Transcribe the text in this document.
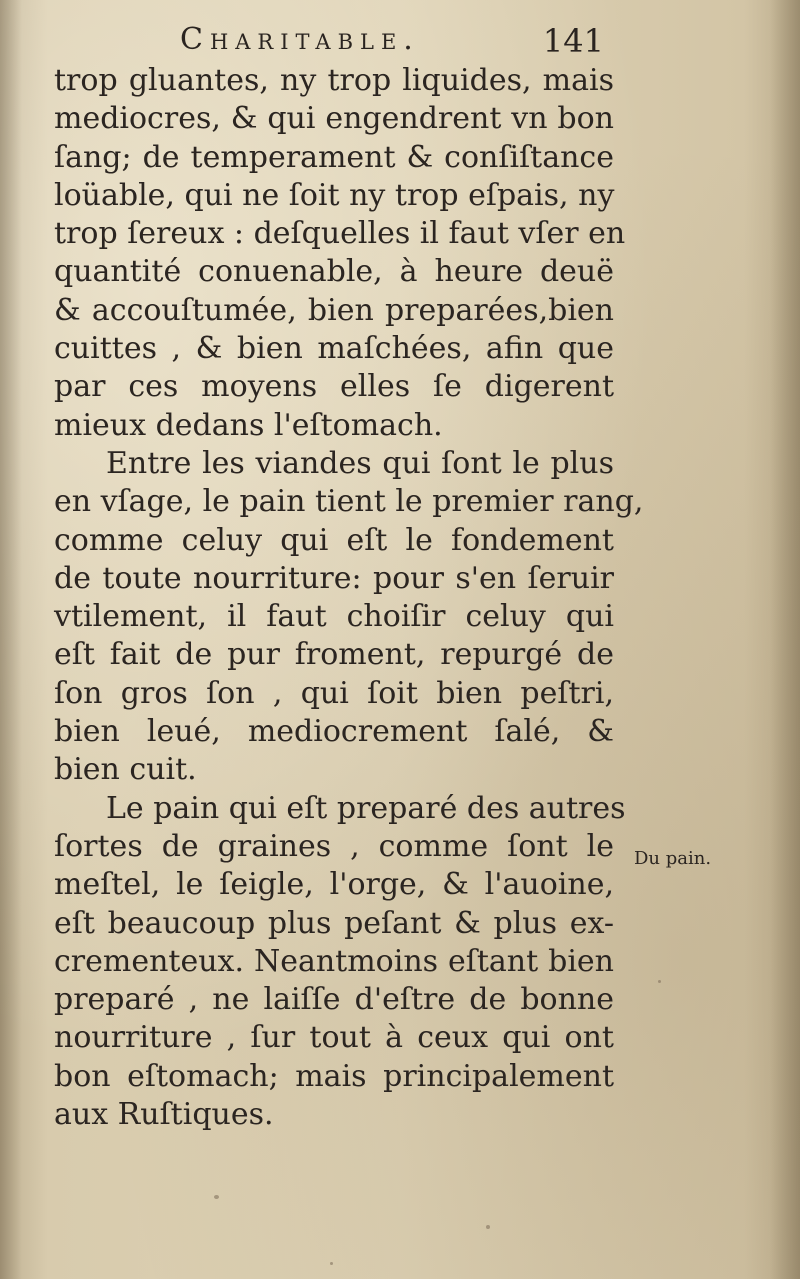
Charitable.	141
trop gluantes, ny trop liquides, mais
mediocres, & qui engendrent vn bon
ſang; de temperament & conſiſtance
loüable, qui ne ſoit ny trop eſpais, ny
trop ſereux : deſquelles il faut vſer en
quantité conuenable, à heure deuë
& accouſtumée, bien preparées,bien
cuittes , & bien maſchées, afin que
par ces moyens elles ſe digerent
mieux dedans l'eſtomach.
Entre les viandes qui ſont le plus
en vſage, le pain tient le premier rang,
comme celuy qui eſt le fondement
de toute nourriture: pour s'en ſeruir
vtilement, il faut choiſir celuy qui
eſt fait de pur froment, repurgé de
ſon gros ſon , qui ſoit bien peſtri,
bien leué, mediocrement ſalé, &
bien cuit.
Le pain qui eſt preparé des autres
ſortes de graines , comme ſont le
meſtel, le ſeigle, l'orge, & l'auoine,
eſt beaucoup plus peſant & plus ex-
crementeux. Neantmoins eſtant bien
preparé , ne laiſſe d'eſtre de bonne
nourriture , ſur tout à ceux qui ont
bon eſtomach; mais principalement
aux Ruſtiques.
Du pain.
